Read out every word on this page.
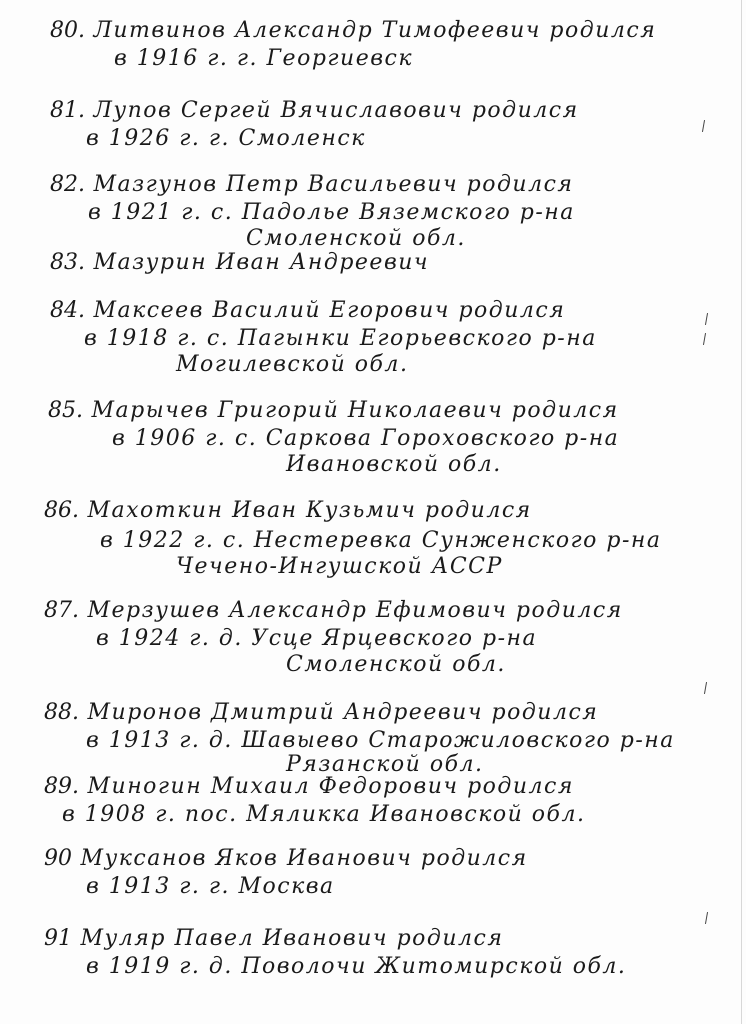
80. Литвинов Александр Тимофеевич родился
в 1916 г. г. Георгиевск
81. Лупов Сергей Вячиславович родился
в 1926 г. г. Смоленск
82. Мазгунов Петр Васильевич родился
в 1921 г. с. Падолье Вяземского р-на
Смоленской обл.
83. Мазурин Иван Андреевич
84. Максеев Василий Егорович родился
в 1918 г. с. Пагынки Егорьевского р-на
Могилевской обл.
85. Марычев Григорий Николаевич родился
в 1906 г. с. Саркова Гороховского р-на
Ивановской обл.
86. Махоткин Иван Кузьмич родился
в 1922 г. с. Нестеревка Сунженского р-на
Чечено-Ингушской АССР
87. Мерзушев Александр Ефимович родился
в 1924 г. д. Усце Ярцевского р-на
Смоленской обл.
88. Миронов Дмитрий Андреевич родился
в 1913 г. д. Шавыево Старожиловского р-на
Рязанской обл.
89. Миногин Михаил Федорович родился
в 1908 г. пос. Мяликка Ивановской обл.
90 Муксанов Яков Иванович родился
в 1913 г. г. Москва
91 Муляр Павел Иванович родился
в 1919 г. д. Поволочи Житомирской обл.
